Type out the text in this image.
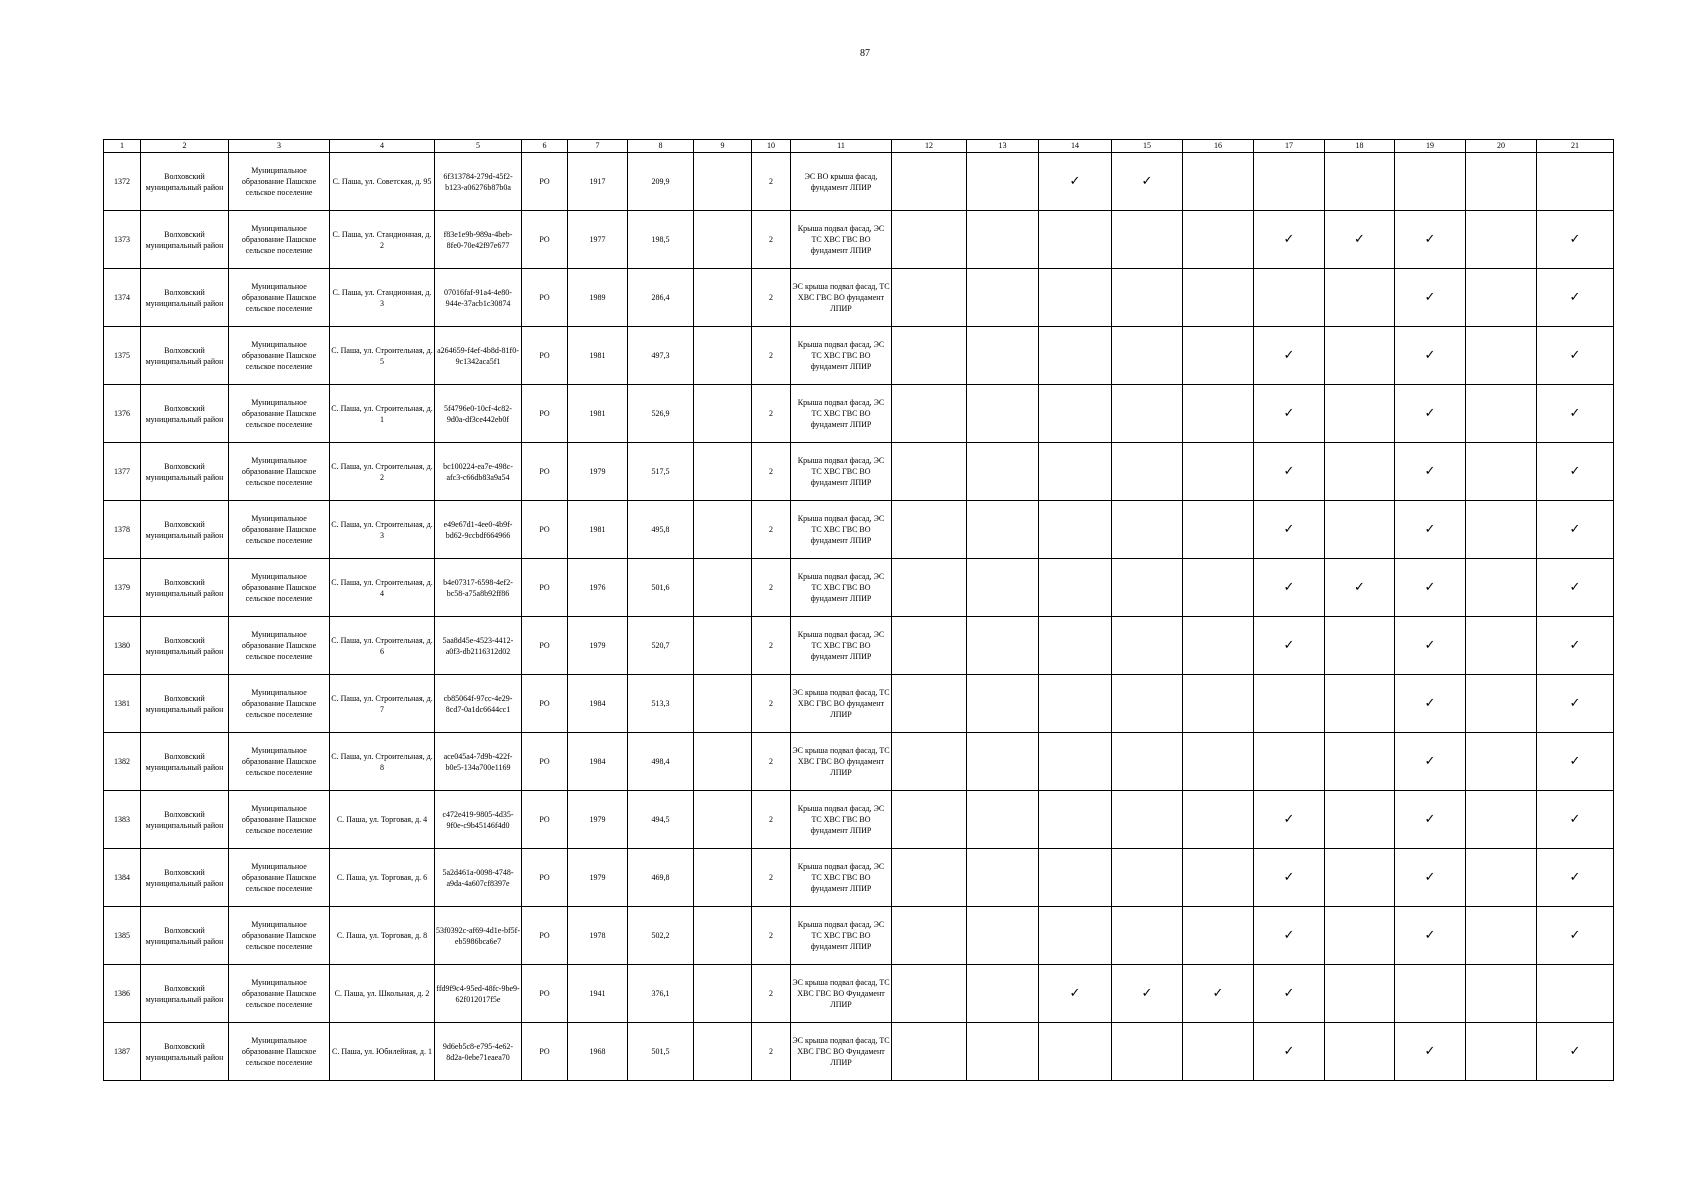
87
1	2	3	4	5	6	7	8	9	10	11	12	13	14	15	16	17	18	19	20	21
1372	Волховский муниципальный район	Муниципальное образование Пашское сельское поселение	С. Паша, ул. Советская, д. 95	6f313784-279d-45f2-b123-a06276b87b0a	РО	1917	209,9		2	ЭС ВО крыша фасад, фундамент ЛПИР			✓	✓						
1373	Волховский муниципальный район	Муниципальное образование Пашское сельское поселение	С. Паша, ул. Стандионная, д. 2	f83e1e9b-989a-4beb-8fe0-70e42f97e677	РО	1977	198,5		2	Крыша подвал фасад, ЭС ТС ХВС ГВС ВО фундамент ЛПИР						✓	✓	✓		✓
1374	Волховский муниципальный район	Муниципальное образование Пашское сельское поселение	С. Паша, ул. Стандионная, д. 3	07016faf-91a4-4e80-944e-37acb1c30874	РО	1989	286,4		2	ЭС крыша подвал фасад, ТС ХВС ГВС ВО фундамент ЛПИР								✓		✓
1375	Волховский муниципальный район	Муниципальное образование Пашское сельское поселение	С. Паша, ул. Строительная, д. 5	a264659-f4ef-4b8d-81f0-9c1342aca5f1	РО	1981	497,3		2	Крыша подвал фасад, ЭС ТС ХВС ГВС ВО фундамент ЛПИР						✓		✓		✓
1376	Волховский муниципальный район	Муниципальное образование Пашское сельское поселение	С. Паша, ул. Строительная, д. 1	5f4796e0-10cf-4c82-9d0a-df3ce442eb0f	РО	1981	526,9		2	Крыша подвал фасад, ЭС ТС ХВС ГВС ВО фундамент ЛПИР						✓		✓		✓
1377	Волховский муниципальный район	Муниципальное образование Пашское сельское поселение	С. Паша, ул. Строительная, д. 2	bc100224-ea7e-498c-afc3-c66db83a9a54	РО	1979	517,5		2	Крыша подвал фасад, ЭС ТС ХВС ГВС ВО фундамент ЛПИР						✓		✓		✓
1378	Волховский муниципальный район	Муниципальное образование Пашское сельское поселение	С. Паша, ул. Строительная, д. 3	e49e67d1-4ee0-4b9f-bd62-9ccbdf664966	РО	1981	495,8		2	Крыша подвал фасад, ЭС ТС ХВС ГВС ВО фундамент ЛПИР						✓		✓		✓
1379	Волховский муниципальный район	Муниципальное образование Пашское сельское поселение	С. Паша, ул. Строительная, д. 4	b4e07317-6598-4ef2-bc58-a75a8b92ff86	РО	1976	501,6		2	Крыша подвал фасад, ЭС ТС ХВС ГВС ВО фундамент ЛПИР						✓	✓	✓		✓
1380	Волховский муниципальный район	Муниципальное образование Пашское сельское поселение	С. Паша, ул. Строительная, д. 6	5aa8d45e-4523-4412-a0f3-db2116312d02	РО	1979	520,7		2	Крыша подвал фасад, ЭС ТС ХВС ГВС ВО фундамент ЛПИР						✓		✓		✓
1381	Волховский муниципальный район	Муниципальное образование Пашское сельское поселение	С. Паша, ул. Строительная, д. 7	cb85064f-97cc-4e29-8cd7-0a1dc6644cc1	РО	1984	513,3		2	ЭС крыша подвал фасад, ТС ХВС ГВС ВО фундамент ЛПИР								✓		✓
1382	Волховский муниципальный район	Муниципальное образование Пашское сельское поселение	С. Паша, ул. Строительная, д. 8	ace045a4-7d9b-422f-b0e5-134a700e1169	РО	1984	498,4		2	ЭС крыша подвал фасад, ТС ХВС ГВС ВО фундамент ЛПИР								✓		✓
1383	Волховский муниципальный район	Муниципальное образование Пашское сельское поселение	С. Паша, ул. Торговая, д. 4	c472e419-9805-4d35-9f0e-c9b45146f4d0	РО	1979	494,5		2	Крыша подвал фасад, ЭС ТС ХВС ГВС ВО фундамент ЛПИР						✓		✓		✓
1384	Волховский муниципальный район	Муниципальное образование Пашское сельское поселение	С. Паша, ул. Торговая, д. 6	5a2d461a-0098-4748-a9da-4a607cf8397e	РО	1979	469,8		2	Крыша подвал фасад, ЭС ТС ХВС ГВС ВО фундамент ЛПИР						✓		✓		✓
1385	Волховский муниципальный район	Муниципальное образование Пашское сельское поселение	С. Паша, ул. Торговая, д. 8	53f0392c-af69-4d1e-bf5f-eb5986bca6e7	РО	1978	502,2		2	Крыша подвал фасад, ЭС ТС ХВС ГВС ВО фундамент ЛПИР						✓		✓		✓
1386	Волховский муниципальный район	Муниципальное образование Пашское сельское поселение	С. Паша, ул. Школьная, д. 2	ffd9f9c4-95ed-48fc-9be9-62f012017f5e	РО	1941	376,1		2	ЭС крыша подвал фасад, ТС ХВС ГВС ВО Фундамент ЛПИР			✓	✓	✓	✓				
1387	Волховский муниципальный район	Муниципальное образование Пашское сельское поселение	С. Паша, ул. Юбилейная, д. 1	9d6eb5c8-e795-4e62-8d2a-0ebe71eaea70	РО	1968	501,5		2	ЭС крыша подвал фасад, ТС ХВС ГВС ВО Фундамент ЛПИР						✓		✓		✓
